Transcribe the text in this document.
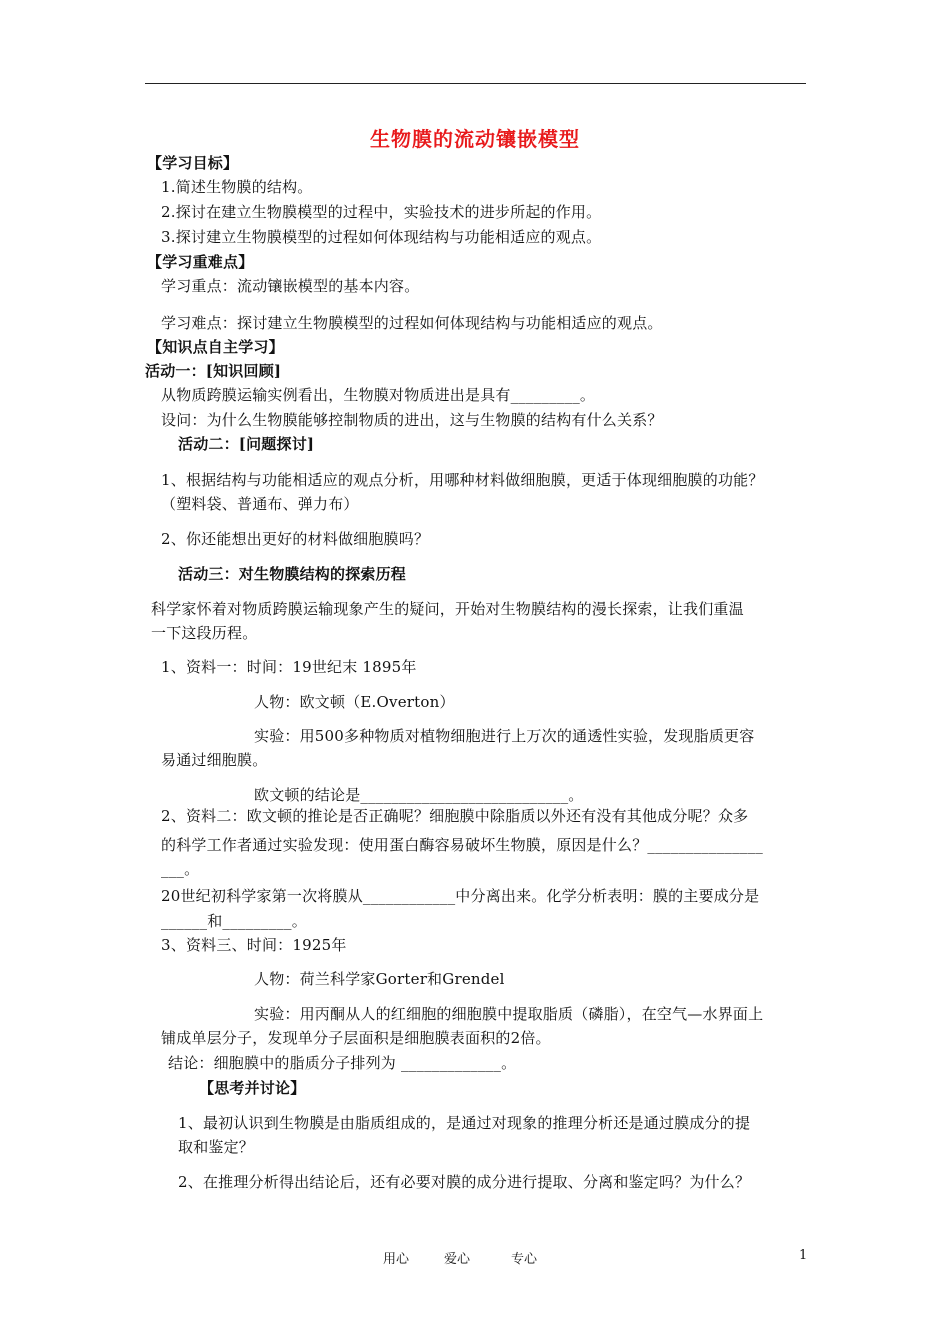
生物膜的流动镶嵌模型
【学习目标】
1.简述生物膜的结构。
2.探讨在建立生物膜模型的过程中，实验技术的进步所起的作用。
3.探讨建立生物膜模型的过程如何体现结构与功能相适应的观点。
【学习重难点】
学习重点：流动镶嵌模型的基本内容。
学习难点：探讨建立生物膜模型的过程如何体现结构与功能相适应的观点。
【知识点自主学习】
活动一：[知识回顾]
从物质跨膜运输实例看出，生物膜对物质进出是具有_________。
设问：为什么生物膜能够控制物质的进出，这与生物膜的结构有什么关系？
活动二：[问题探讨]
1、根据结构与功能相适应的观点分析，用哪种材料做细胞膜，更适于体现细胞膜的功能？
（塑料袋、普通布、弹力布）
2、你还能想出更好的材料做细胞膜吗？
活动三：对生物膜结构的探索历程
科学家怀着对物质跨膜运输现象产生的疑问，开始对生物膜结构的漫长探索，让我们重温
一下这段历程。
1、资料一：时间：19世纪末 1895年
人物：欧文顿（E.Overton）
实验：用500多种物质对植物细胞进行上万次的通透性实验，发现脂质更容
易通过细胞膜。
欧文顿的结论是___________________________。
2、资料二：欧文顿的推论是否正确呢？细胞膜中除脂质以外还有没有其他成分呢？众多
的科学工作者通过实验发现：使用蛋白酶容易破坏生物膜，原因是什么？_______________
___。
20世纪初科学家第一次将膜从____________中分离出来。化学分析表明：膜的主要成分是
______和_________。
3、资料三、时间：1925年
人物：荷兰科学家Gorter和Grendel
实验：用丙酮从人的红细胞的细胞膜中提取脂质（磷脂），在空气—水界面上
铺成单层分子，发现单分子层面积是细胞膜表面积的2倍。
结论：细胞膜中的脂质分子排列为 _____________。
【思考并讨论】
1、最初认识到生物膜是由脂质组成的，是通过对现象的推理分析还是通过膜成分的提
取和鉴定？
2、在推理分析得出结论后，还有必要对膜的成分进行提取、分离和鉴定吗？为什么？
用心	爱心	专心	1
